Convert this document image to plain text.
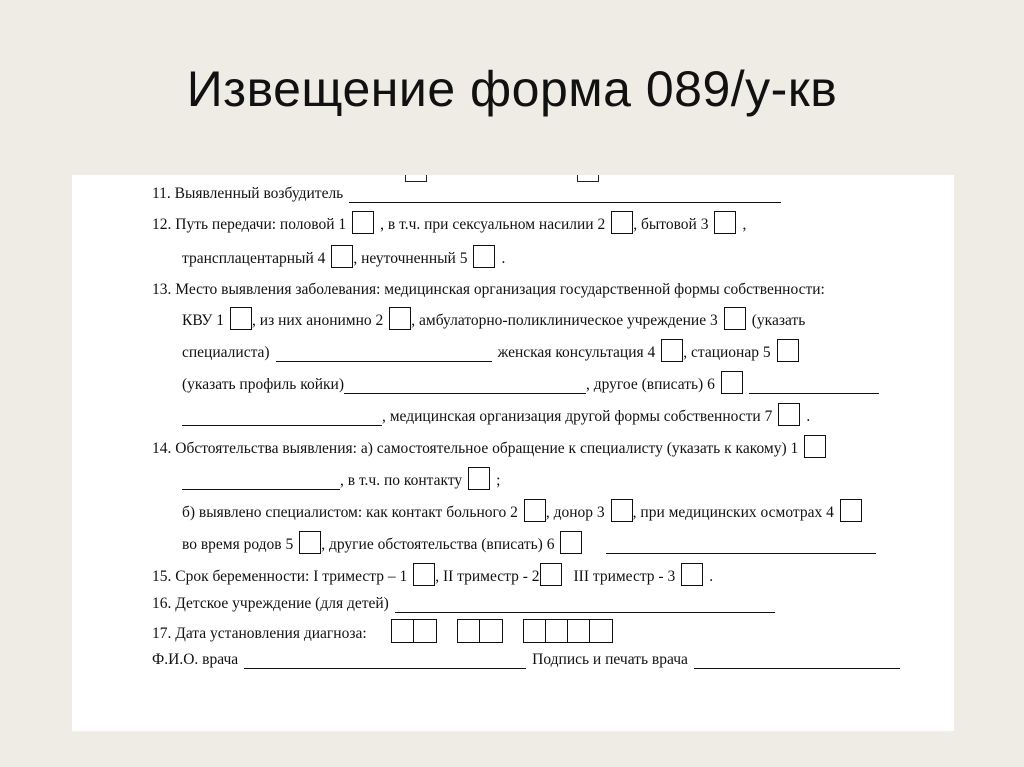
Извещение форма 089/у-кв
11. Выявленный возбудитель
12. Путь передачи: половой 1 , в т.ч. при сексуальном насилии 2 , бытовой 3 ,
трансплацентарный 4 , неуточненный 5 .
13. Место выявления заболевания: медицинская организация государственной формы собственности:
КВУ 1 , из них анонимно 2 , амбулаторно-поликлиническое учреждение 3 (указать
специалиста)	женская консультация 4 , стационар 5
(указать профиль койки)	, другое (вписать) 6
, медицинская организация другой формы собственности 7 .
14. Обстоятельства выявления: а) самостоятельное обращение к специалисту (указать к какому) 1
, в т.ч. по контакту ;
б) выявлено специалистом: как контакт больного 2 , донор 3 , при медицинских осмотрах 4
во время родов 5 , другие обстоятельства (вписать) 6
15. Срок беременности: I триместр – 1 , II триместр - 2 III триместр - 3 .
16. Детское учреждение (для детей)
17. Дата установления диагноза:
Ф.И.О. врача	Подпись и печать врача
